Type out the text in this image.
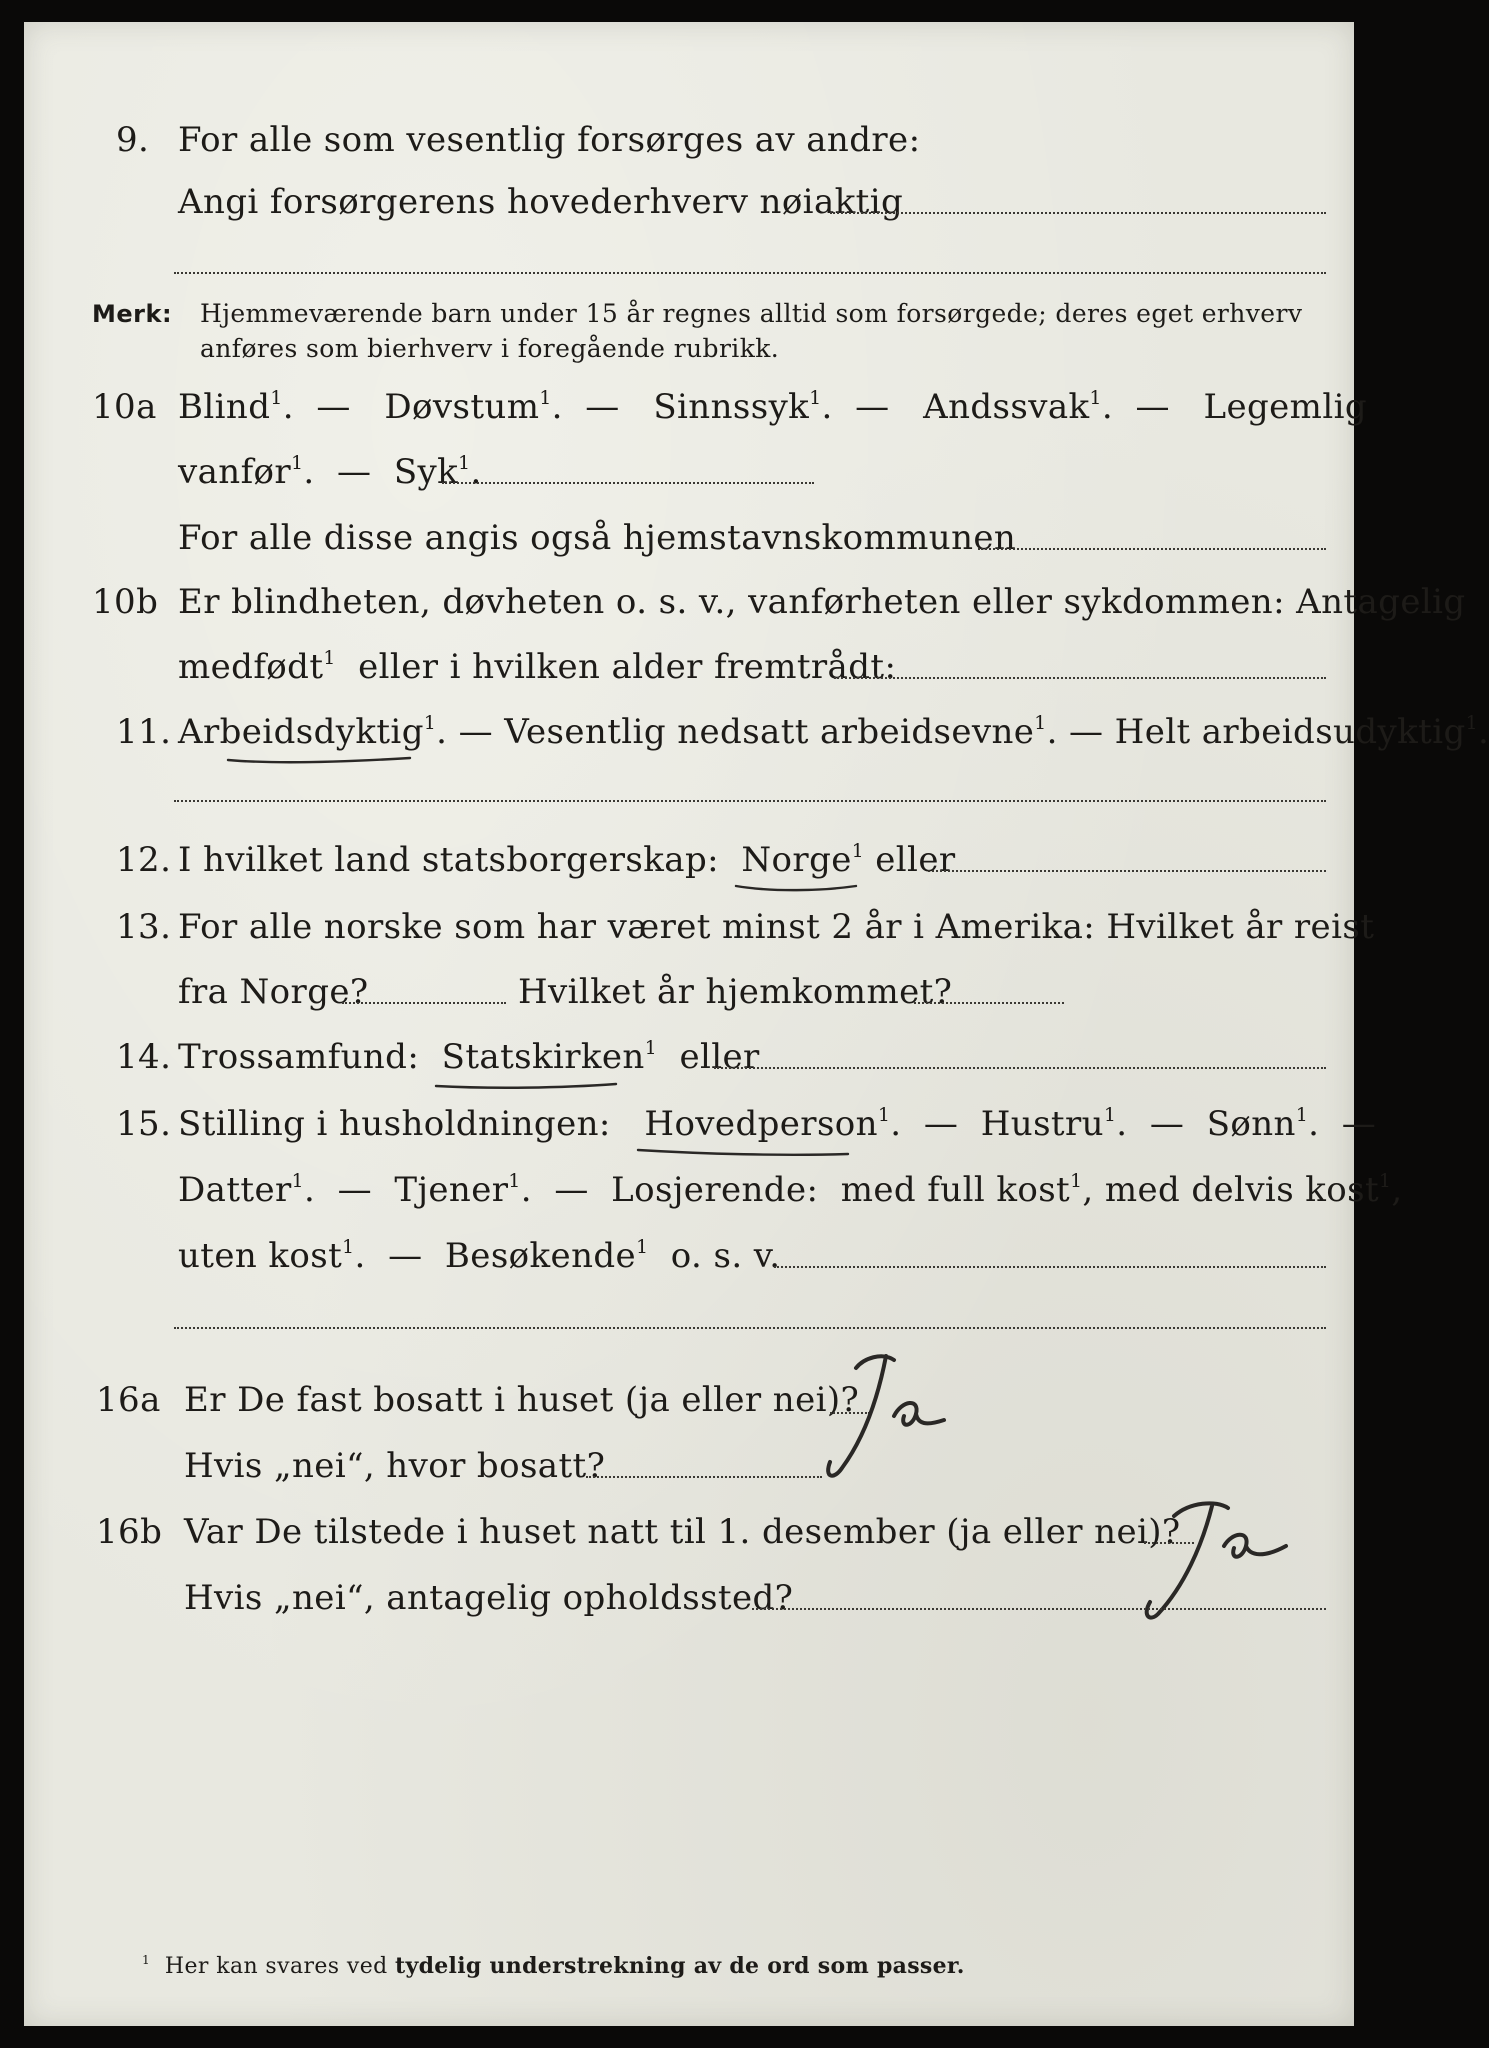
9. For alle som vesentlig forsørges av andre:
Angi forsørgerens hovederhverv nøiaktig
Merk: Hjemmeværende barn under 15 år regnes alltid som forsørgede; deres eget erhverv
anføres som bierhverv i foregående rubrikk.
10a Blind$^1$.  — Døvstum$^1$.  — Sinnssyk$^1$.  — Andssvak$^1$.  — Legemlig
vanfør$^1$.  — Syk$^1$.
For alle disse angis også hjemstavnskommunen
10b Er blindheten, døvheten o. s. v., vanførheten eller sykdommen: Antagelig
medfødt$^1$ eller i hvilken alder fremtrådt:
11. Arbeidsdyktig$^1$. — Vesentlig nedsatt arbeidsevne$^1$. — Helt arbeidsudyktig$^1$.
12. I hvilket land statsborgerskap: Norge$^1$ eller
13. For alle norske som har været minst 2 år i Amerika: Hvilket år reist
fra Norge?	Hvilket år hjemkommet?
14. Trossamfund: Statskirken$^1$ eller
15. Stilling i husholdningen: Hovedperson$^1$.  — Hustru$^1$.  — Sønn$^1$.  —
Datter$^1$.  — Tjener$^1$.  — Losjerende: med full kost$^1$, med delvis kost$^1$,
uten kost$^1$.  — Besøkende$^1$ o. s. v.
16a Er De fast bosatt i huset (ja eller nei)?
Hvis „nei“, hvor bosatt?
16b Var De tilstede i huset natt til 1. desember (ja eller nei)?
Hvis „nei“, antagelig opholdssted?
$^1$ Her kan svares ved tydelig understrekning av de ord som passer.
